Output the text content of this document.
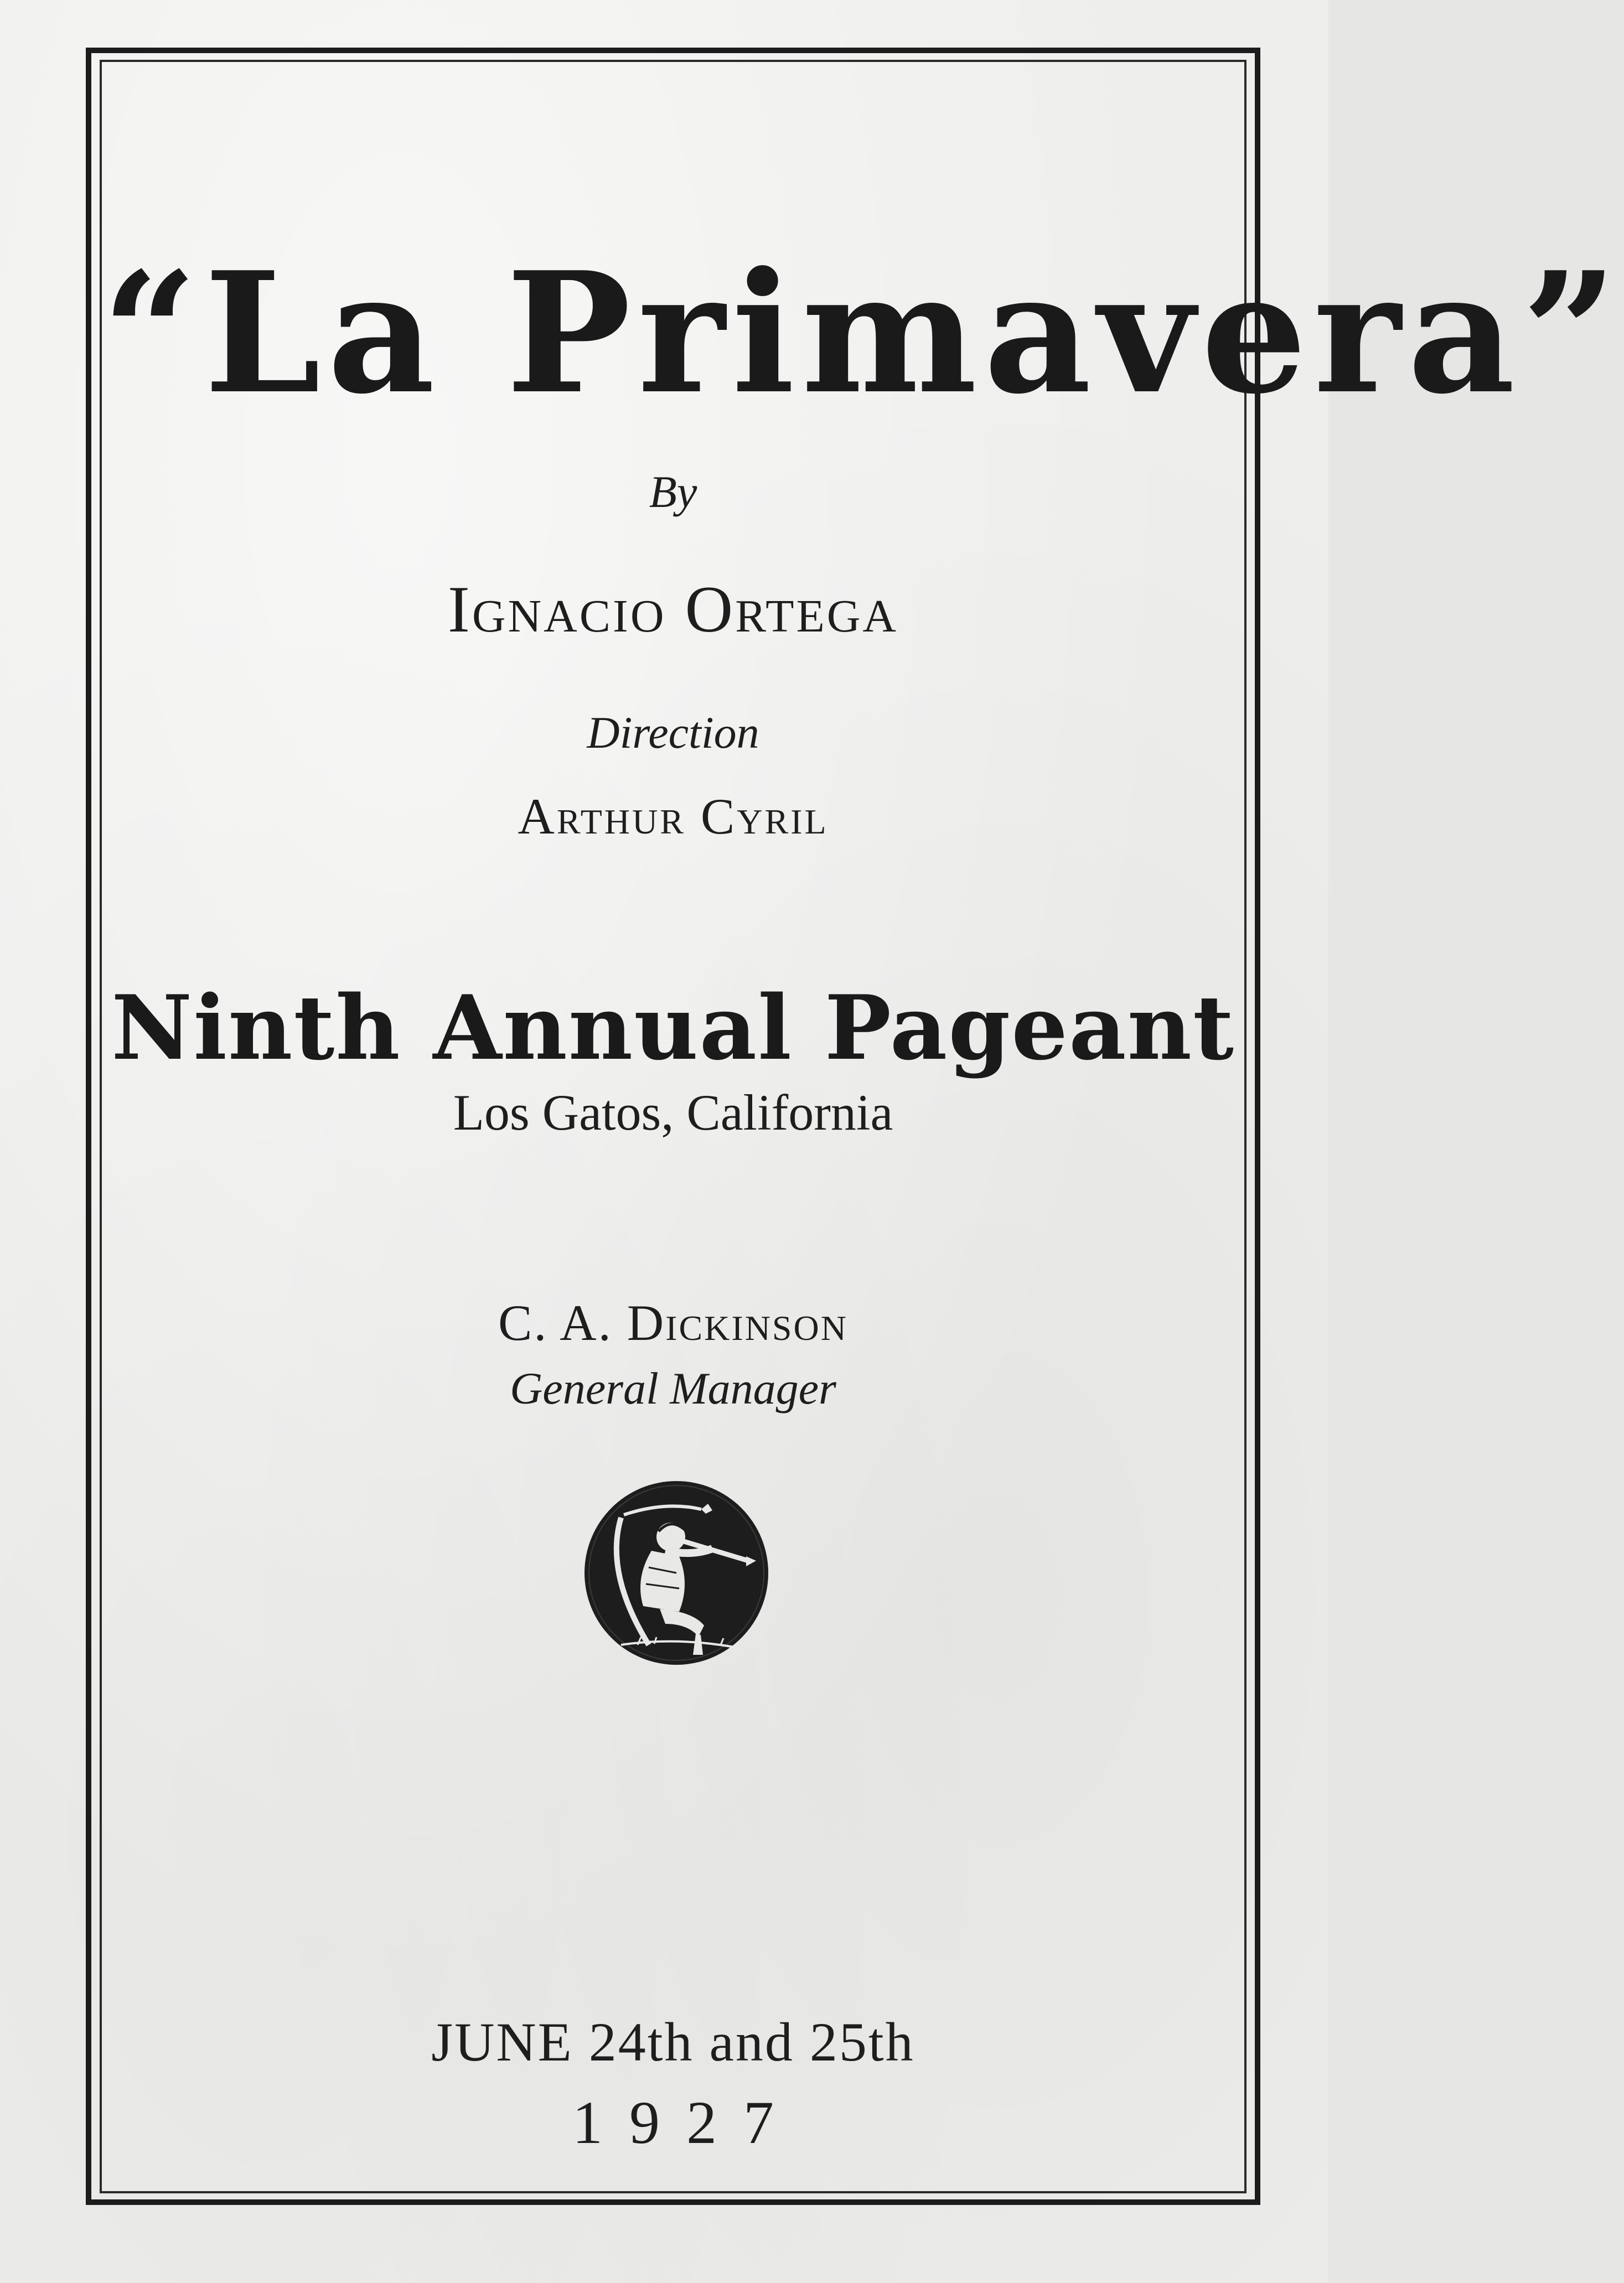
“La Primavera”
By
Ignacio Ortega
Direction
Arthur Cyril
Ninth Annual Pageant
Los Gatos, California
C. A. Dickinson
General Manager
JUNE 24th and 25th
1927
